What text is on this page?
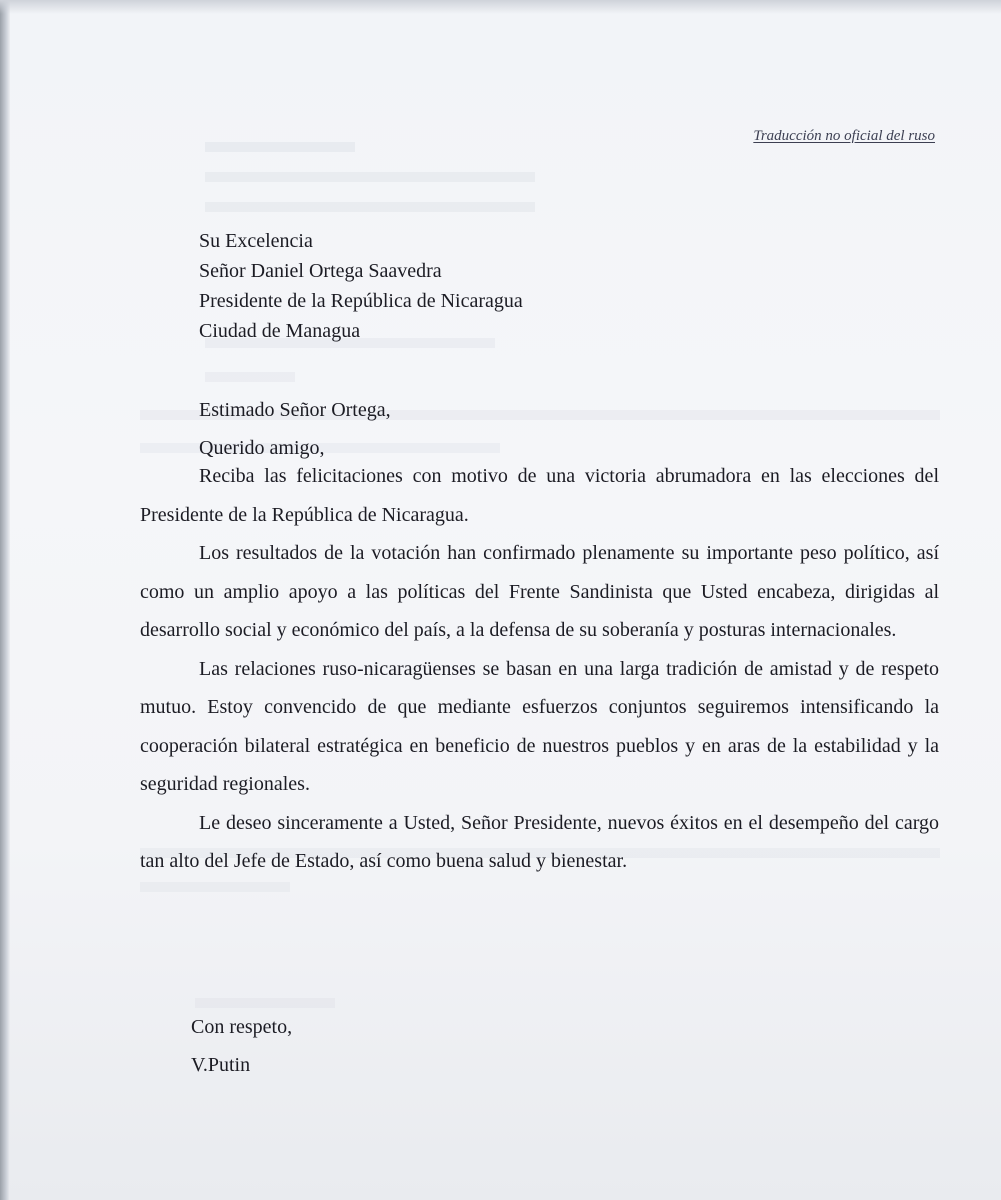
Traducción no oficial del ruso
Su Excelencia
Señor Daniel Ortega Saavedra
Presidente de la República de Nicaragua
Ciudad de Managua
Estimado Señor Ortega,
Querido amigo,

Reciba las felicitaciones con motivo de una victoria abrumadora en las elecciones del Presidente de la República de Nicaragua.

Los resultados de la votación han confirmado plenamente su importante peso político, así como un amplio apoyo a las políticas del Frente Sandinista que Usted encabeza, dirigidas al desarrollo social y económico del país, a la defensa de su soberanía y posturas internacionales.

Las relaciones ruso-nicaragüenses se basan en una larga tradición de amistad y de respeto mutuo. Estoy convencido de que mediante esfuerzos conjuntos seguiremos intensificando la cooperación bilateral estratégica en beneficio de nuestros pueblos y en aras de la estabilidad y la seguridad regionales.

Le deseo sinceramente a Usted, Señor Presidente, nuevos éxitos en el desempeño del cargo tan alto del Jefe de Estado, así como buena salud y bienestar.

Con respeto,
V.Putin
